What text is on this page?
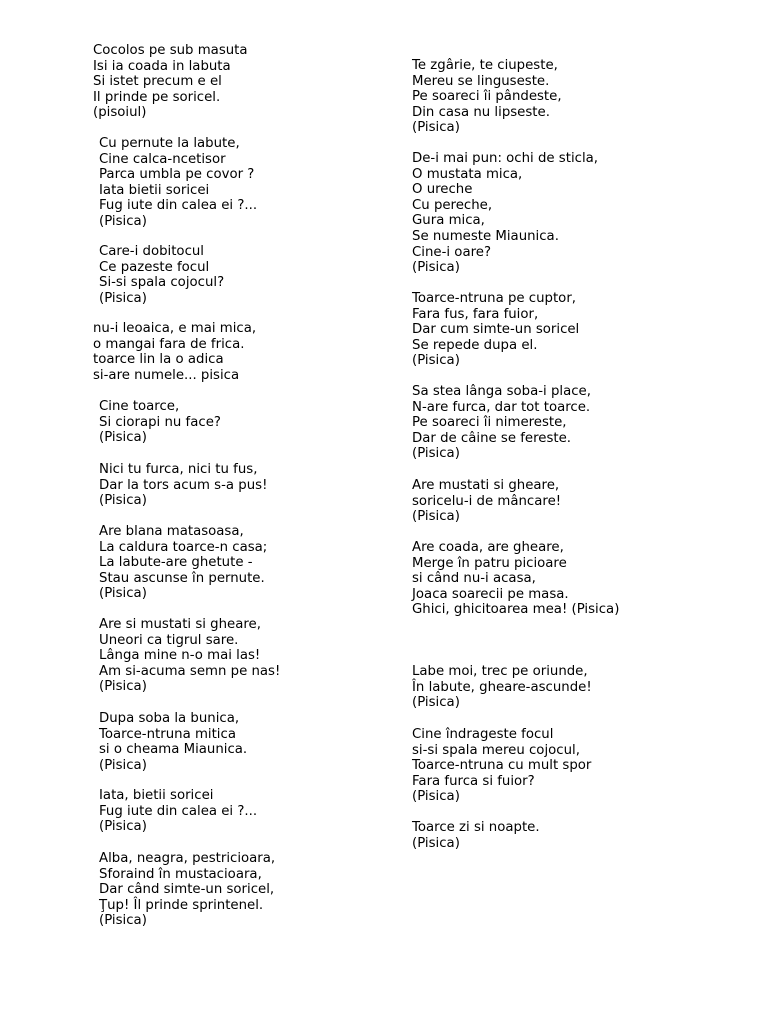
Cocolos pe sub masuta
Isi ia coada in labuta
Si istet precum e el
Il prinde pe soricel.
(pisoiul)
Cu pernute la labute,
Cine calca-ncetisor
Parca umbla pe covor ?
Iata bietii soricei
Fug iute din calea ei ?...
(Pisica)
Care-i dobitocul
Ce pazeste focul
Si-si spala cojocul?
(Pisica)
nu-i leoaica, e mai mica,
o mangai fara de frica.
toarce lin la o adica
si-are numele... pisica
Cine toarce,
Si ciorapi nu face?
(Pisica)
Nici tu furca, nici tu fus,
Dar la tors acum s-a pus!
(Pisica)
Are blana matasoasa,
La caldura toarce-n casa;
La labute-are ghetute -
Stau ascunse în pernute.
(Pisica)
Are si mustati si gheare,
Uneori ca tigrul sare.
Lânga mine n-o mai las!
Am si-acuma semn pe nas!
(Pisica)
Dupa soba la bunica,
Toarce-ntruna mitica
si o cheama Miaunica.
(Pisica)
Iata, bietii soricei
Fug iute din calea ei ?...
(Pisica)
Alba, neagra, pestricioara,
Sforaind în mustacioara,
Dar când simte-un soricel,
Ţup! Îl prinde sprintenel.
(Pisica)
Te zgârie, te ciupeste,
Mereu se linguseste.
Pe soareci îi pândeste,
Din casa nu lipseste.
(Pisica)
De-i mai pun: ochi de sticla,
O mustata mica,
O ureche
Cu pereche,
Gura mica,
Se numeste Miaunica.
Cine-i oare?
(Pisica)
Toarce-ntruna pe cuptor,
Fara fus, fara fuior,
Dar cum simte-un soricel
Se repede dupa el.
(Pisica)
Sa stea lânga soba-i place,
N-are furca, dar tot toarce.
Pe soareci îi nimereste,
Dar de câine se fereste.
(Pisica)
Are mustati si gheare,
soricelu-i de mâncare!
(Pisica)
Are coada, are gheare,
Merge în patru picioare
si când nu-i acasa,
Joaca soarecii pe masa.
Ghici, ghicitoarea mea! (Pisica)
Labe moi, trec pe oriunde,
În labute, gheare-ascunde!
(Pisica)
Cine îndrageste focul
si-si spala mereu cojocul,
Toarce-ntruna cu mult spor
Fara furca si fuior?
(Pisica)
Toarce zi si noapte.
(Pisica)
